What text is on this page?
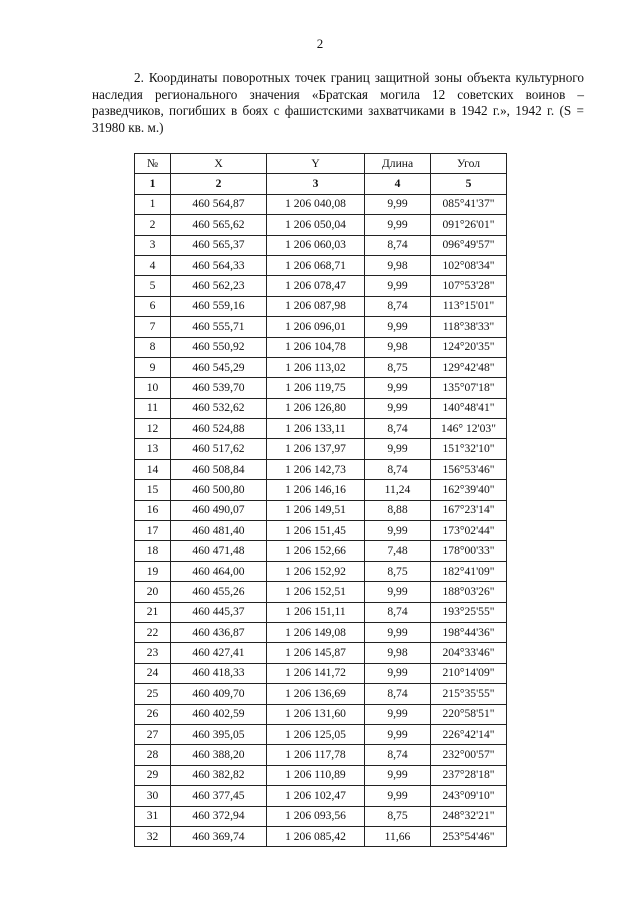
2
2. Координаты поворотных точек границ защитной зоны объекта культурного наследия регионального значения «Братская могила 12 советских воинов – разведчиков, погибших в боях с фашистскими захватчиками в 1942 г.», 1942 г. (S = 31980 кв. м.)
№	X	Y	Длина	Угол
1	2	3	4	5
1	460 564,87	1 206 040,08	9,99	085°41'37"
2	460 565,62	1 206 050,04	9,99	091°26'01"
3	460 565,37	1 206 060,03	8,74	096°49'57"
4	460 564,33	1 206 068,71	9,98	102°08'34"
5	460 562,23	1 206 078,47	9,99	107°53'28"
6	460 559,16	1 206 087,98	8,74	113°15'01"
7	460 555,71	1 206 096,01	9,99	118°38'33"
8	460 550,92	1 206 104,78	9,98	124°20'35"
9	460 545,29	1 206 113,02	8,75	129°42'48"
10	460 539,70	1 206 119,75	9,99	135°07'18"
11	460 532,62	1 206 126,80	9,99	140°48'41"
12	460 524,88	1 206 133,11	8,74	146° 12'03"
13	460 517,62	1 206 137,97	9,99	151°32'10"
14	460 508,84	1 206 142,73	8,74	156°53'46"
15	460 500,80	1 206 146,16	11,24	162°39'40"
16	460 490,07	1 206 149,51	8,88	167°23'14"
17	460 481,40	1 206 151,45	9,99	173°02'44"
18	460 471,48	1 206 152,66	7,48	178°00'33"
19	460 464,00	1 206 152,92	8,75	182°41'09"
20	460 455,26	1 206 152,51	9,99	188°03'26"
21	460 445,37	1 206 151,11	8,74	193°25'55"
22	460 436,87	1 206 149,08	9,99	198°44'36"
23	460 427,41	1 206 145,87	9,98	204°33'46"
24	460 418,33	1 206 141,72	9,99	210°14'09"
25	460 409,70	1 206 136,69	8,74	215°35'55"
26	460 402,59	1 206 131,60	9,99	220°58'51"
27	460 395,05	1 206 125,05	9,99	226°42'14"
28	460 388,20	1 206 117,78	8,74	232°00'57"
29	460 382,82	1 206 110,89	9,99	237°28'18"
30	460 377,45	1 206 102,47	9,99	243°09'10"
31	460 372,94	1 206 093,56	8,75	248°32'21"
32	460 369,74	1 206 085,42	11,66	253°54'46"
